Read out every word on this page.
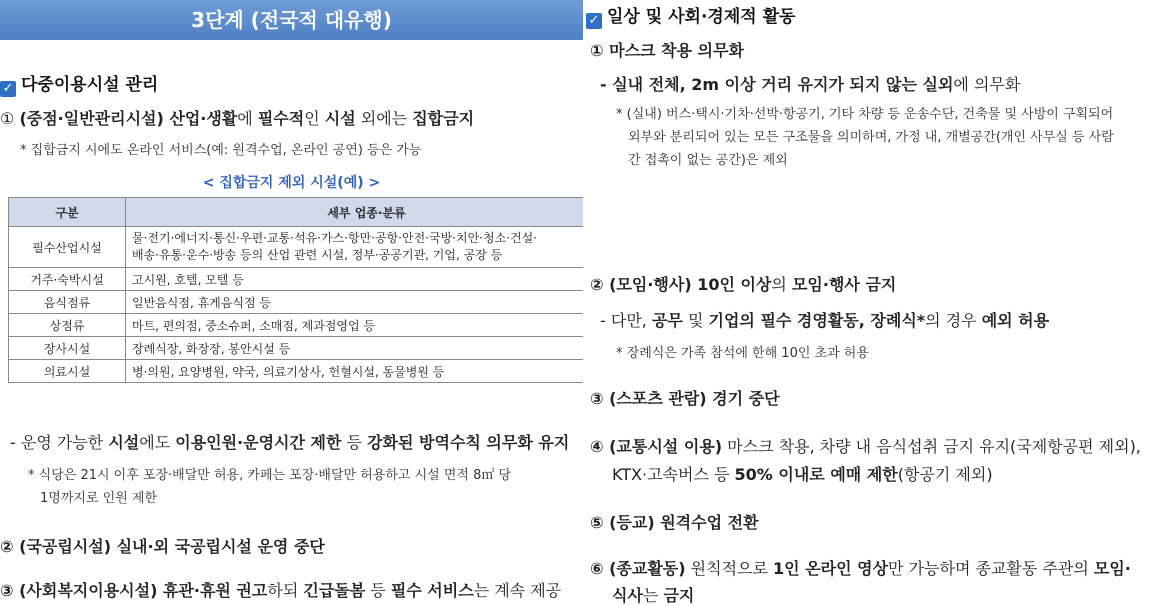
3단계 (전국적 대유행)
✓ 다중이용시설 관리
① (중점·일반관리시설) 산업·생활에 필수적인 시설 외에는 집합금지
* 집합금지 시에도 온라인 서비스(예: 원격수업, 온라인 공연) 등은 가능
< 집합금지 제외 시설(예) >
구분	세부 업종·분류
필수산업시설	물·전기·에너지·통신·우편·교통·석유·가스·항만·공항·안전·국방·치안·청소·건설·
배송·유통·운수·방송 등의 산업 관련 시설, 정부·공공기관, 기업, 공장 등
거주·숙박시설	고시원, 호텔, 모텔 등
음식점류	일반음식점, 휴게음식점 등
상점류	마트, 편의점, 중소슈퍼, 소매점, 제과점영업 등
장사시설	장례식장, 화장장, 봉안시설 등
의료시설	병·의원, 요양병원, 약국, 의료기상사, 헌혈시설, 동물병원 등
- 운영 가능한 시설에도 이용인원·운영시간 제한 등 강화된 방역수칙 의무화 유지
* 식당은 21시 이후 포장·배달만 허용, 카페는 포장·배달만 허용하고 시설 면적 8㎡ 당
1명까지로 인원 제한
② (국공립시설) 실내·외 국공립시설 운영 중단
③ (사회복지이용시설) 휴관·휴원 권고하되 긴급돌봄 등 필수 서비스는 계속 제공
✓ 일상 및 사회·경제적 활동
① 마스크 착용 의무화
- 실내 전체, 2m 이상 거리 유지가 되지 않는 실외에 의무화
* (실내) 버스·택시·기차·선박·항공기, 기타 차량 등 운송수단, 건축물 및 사방이 구획되어
외부와 분리되어 있는 모든 구조물을 의미하며, 가정 내, 개별공간(개인 사무실 등 사람
간 접촉이 없는 공간)은 제외
② (모임·행사) 10인 이상의 모임·행사 금지
- 다만, 공무 및 기업의 필수 경영활동, 장례식*의 경우 예외 허용
* 장례식은 가족 참석에 한해 10인 초과 허용
③ (스포츠 관람) 경기 중단
④ (교통시설 이용) 마스크 착용, 차량 내 음식섭취 금지 유지(국제항공편 제외),
KTX·고속버스 등 50% 이내로 예매 제한(항공기 제외)
⑤ (등교) 원격수업 전환
⑥ (종교활동) 원칙적으로 1인 온라인 영상만 가능하며 종교활동 주관의 모임·
식사는 금지
